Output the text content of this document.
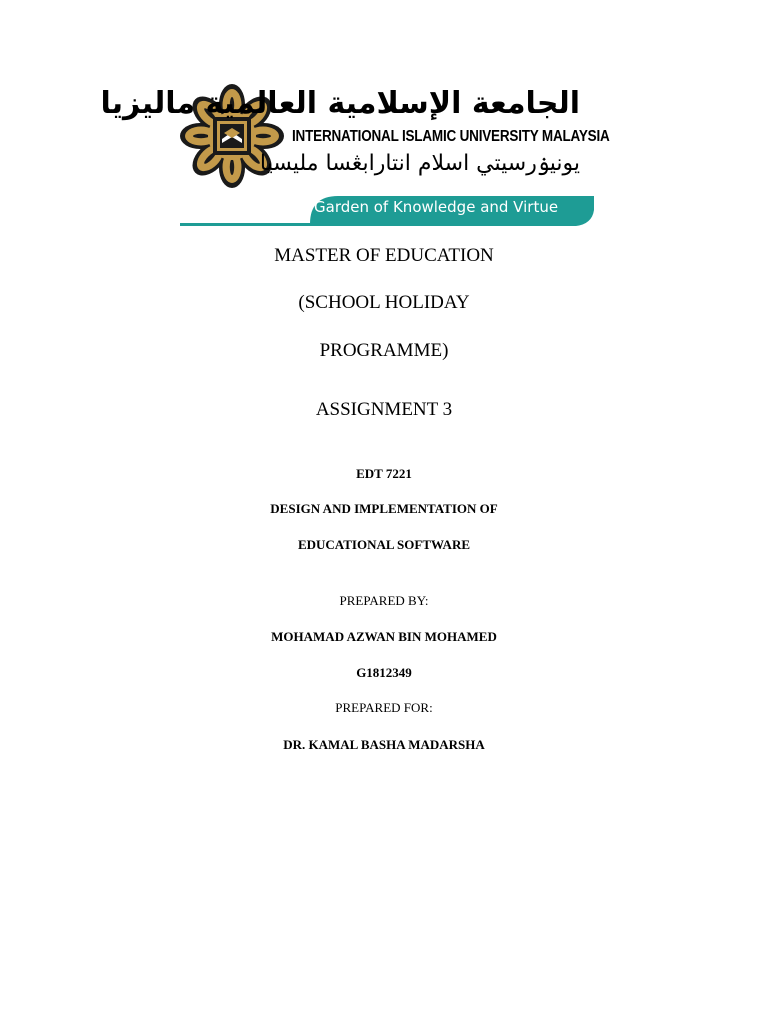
الجامعة الإسلامية العالمية ماليزيا
INTERNATIONAL ISLAMIC UNIVERSITY MALAYSIA
يونيۏرسيتي اسلام انتارابڠسا مليسيا
Garden of Knowledge and Virtue
MASTER OF EDUCATION
(SCHOOL HOLIDAY
PROGRAMME)
ASSIGNMENT 3
EDT 7221
DESIGN AND IMPLEMENTATION OF
EDUCATIONAL SOFTWARE
PREPARED BY:
MOHAMAD AZWAN BIN MOHAMED
G1812349
PREPARED FOR:
DR. KAMAL BASHA MADARSHA
